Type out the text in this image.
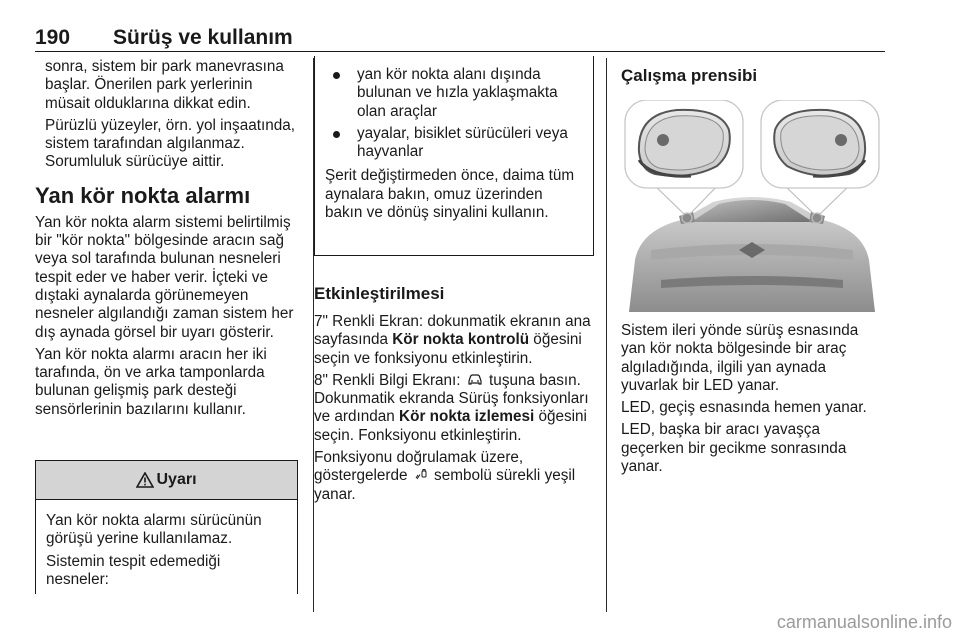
190 Sürüş ve kullanım

sonra, sistem bir park manevrasına başlar. Önerilen park yerlerinin müsait olduklarına dikkat edin.

Pürüzlü yüzeyler, örn. yol inşaatında, sistem tarafından algılanmaz. Sorumluluk sürücüye aittir.

Yan kör nokta alarmı

Yan kör nokta alarm sistemi belirtilmiş bir "kör nokta" bölgesinde aracın sağ veya sol tarafında bulunan nesneleri tespit eder ve haber verir. İçteki ve dıştaki aynalarda görünemeyen nesneler algılandığı zaman sistem her dış aynada görsel bir uyarı gösterir.

Yan kör nokta alarmı aracın her iki tarafında, ön ve arka tamponlarda bulunan gelişmiş park desteği sensörlerinin bazılarını kullanır.

Uyarı

Yan kör nokta alarmı sürücünün görüşü yerine kullanılamaz.

Sistemin tespit edemediği nesneler:

yan kör nokta alanı dışında bulunan ve hızla yaklaşmakta olan araçlar
yayalar, bisiklet sürücüleri veya hayvanlar

Şerit değiştirmeden önce, daima tüm aynalara bakın, omuz üzerinden bakın ve dönüş sinyalini kullanın.

Etkinleştirilmesi

7" Renkli Ekran: dokunmatik ekranın ana sayfasında Kör nokta kontrolü öğesini seçin ve fonksiyonu etkinleştirin.

8" Renkli Bilgi Ekranı:  tuşuna basın. Dokunmatik ekranda Sürüş fonksiyonları ve ardından Kör nokta izlemesi öğesini seçin. Fonksiyonu etkinleştirin.

Fonksiyonu doğrulamak üzere, göstergelerde  sembolü sürekli yeşil yanar.

Çalışma prensibi

Sistem ileri yönde sürüş esnasında yan kör nokta bölgesinde bir araç algıladığında, ilgili yan aynada yuvarlak bir LED yanar.

LED, geçiş esnasında hemen yanar.

LED, başka bir aracı yavaşça geçerken bir gecikme sonrasında yanar.

carmanualsonline.info
